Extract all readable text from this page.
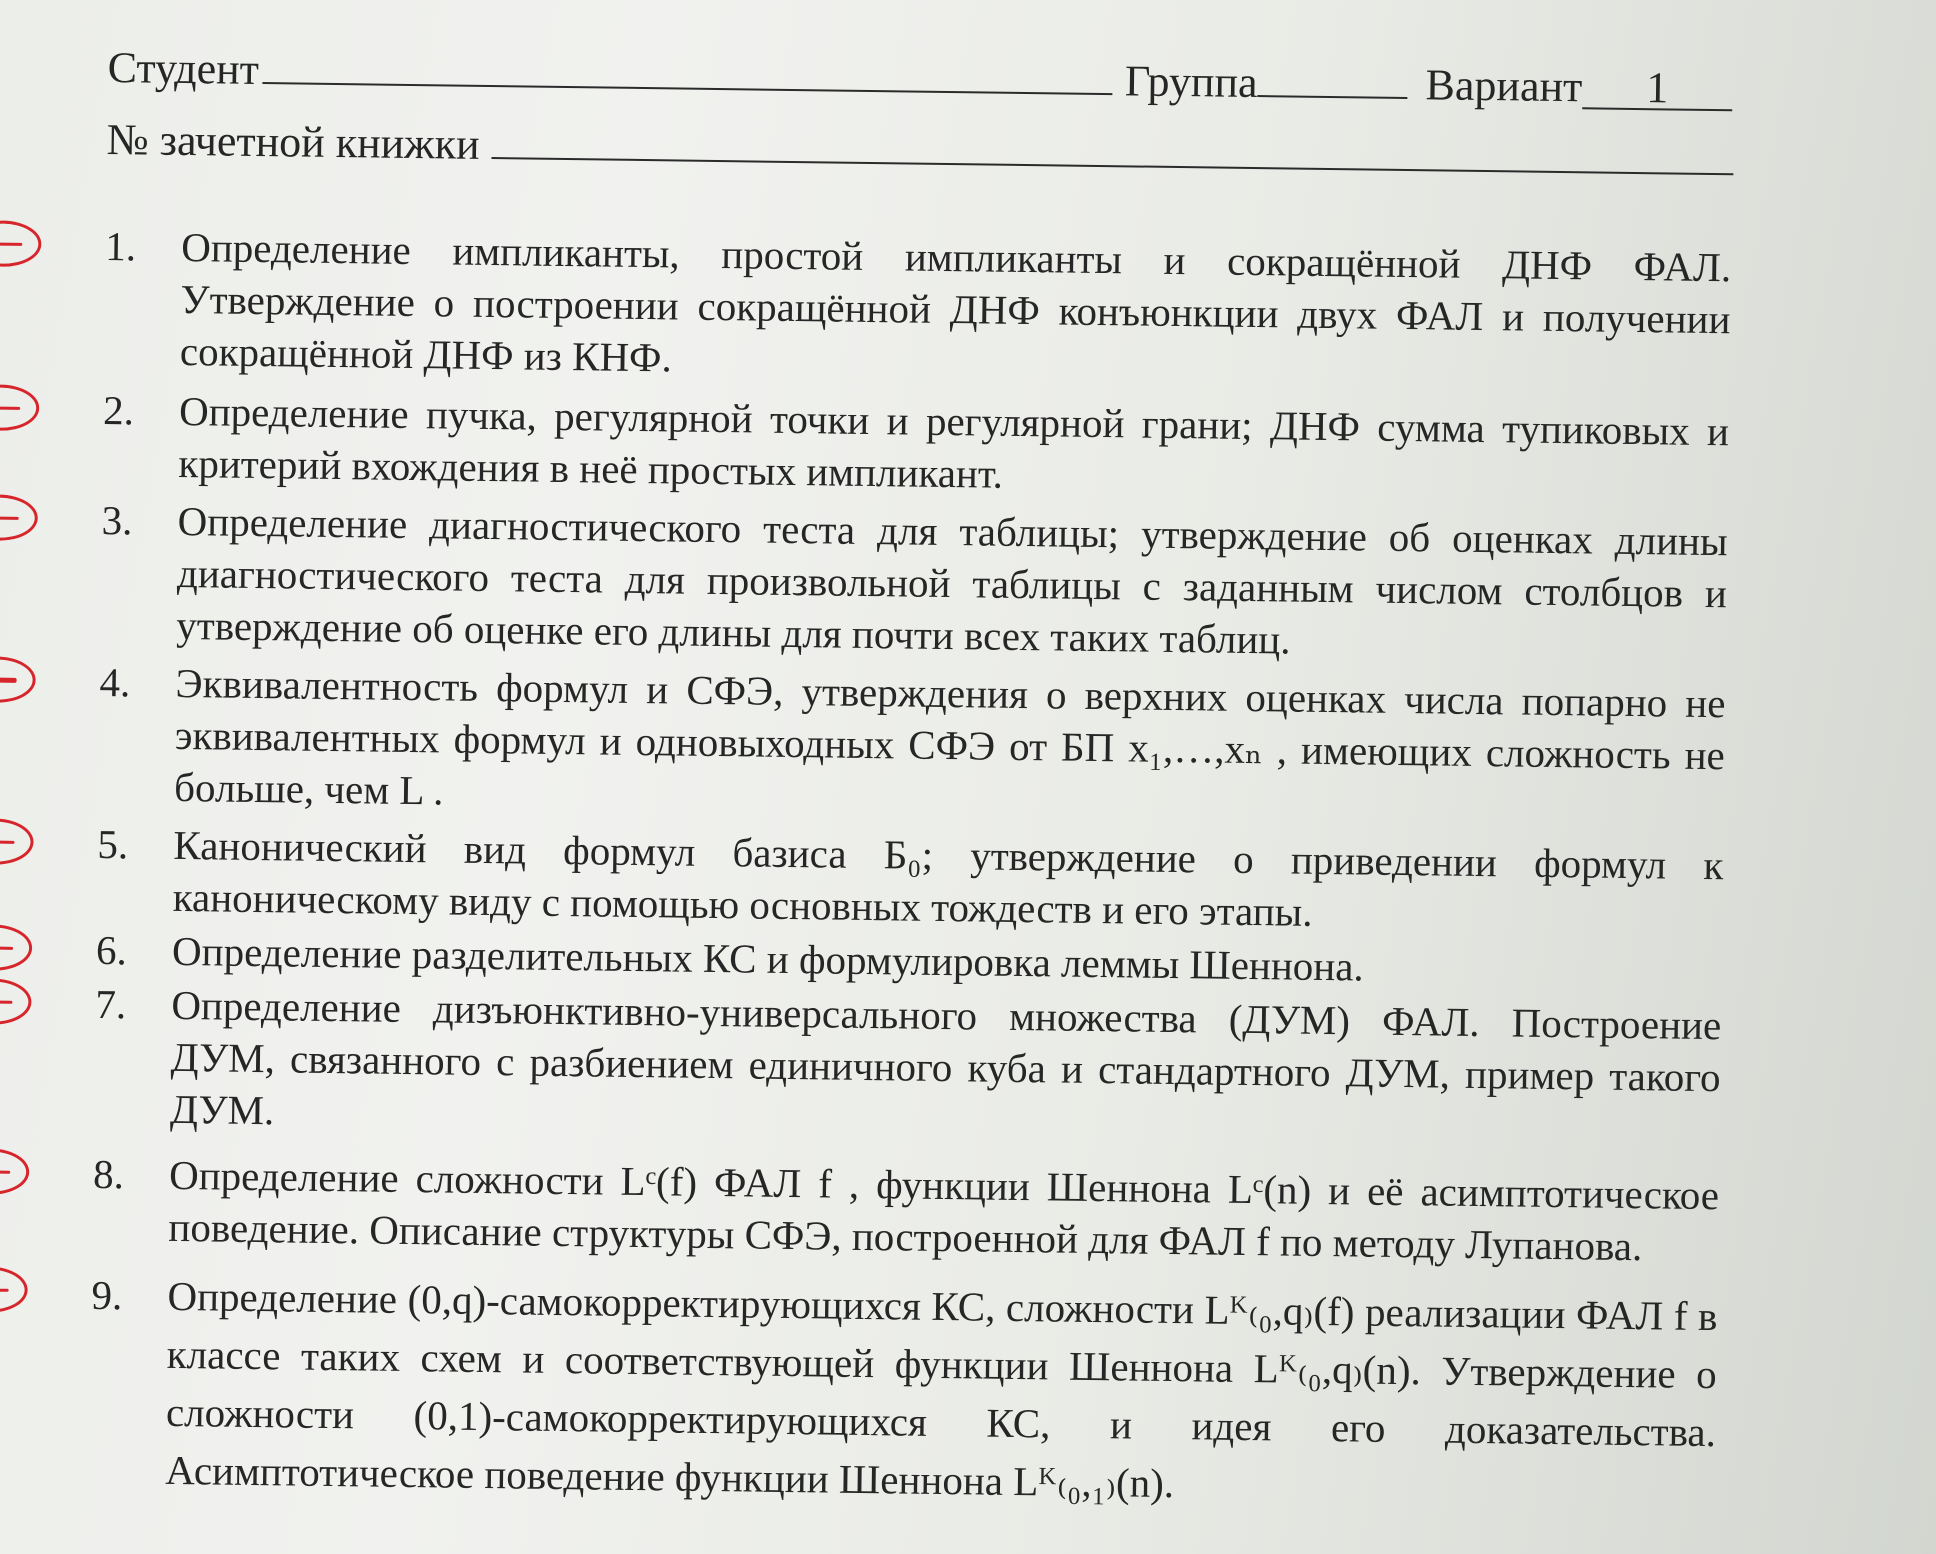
Студент	Группа	Вариант	1
№ зачетной книжки
1.	Определение импликанты, простой импликанты и сокращённой ДНФ ФАЛ. Утверждение о построении сокращённой ДНФ конъюнкции двух ФАЛ и получении сокращённой ДНФ из КНФ.
2.	Определение пучка, регулярной точки и регулярной грани; ДНФ сумма тупиковых и критерий вхождения в неё простых импликант.
3.	Определение диагностического теста для таблицы; утверждение об оценках длины диагностического теста для произвольной таблицы с заданным числом столбцов и утверждение об оценке его длины для почти всех таких таблиц.
4.	Эквивалентность формул и СФЭ, утверждения о верхних оценках числа попарно не эквивалентных формул и одновыходных СФЭ от БП x₁,…,xₙ , имеющих сложность не больше, чем L .
5.	Канонический вид формул базиса Б₀; утверждение о приведении формул к каноническому виду с помощью основных тождеств и его этапы.
6.	Определение разделительных КС и формулировка леммы Шеннона.
7.	Определение дизъюнктивно-универсального множества (ДУМ) ФАЛ. Построение ДУМ, связанного с разбиением единичного куба и стандартного ДУМ, пример такого ДУМ.
8.	Определение сложности Lᶜ(f) ФАЛ f , функции Шеннона Lᶜ(n) и её асимптотическое поведение. Описание структуры СФЭ, построенной для ФАЛ f по методу Лупанова.
9.	Определение (0,q)-самокорректирующихся КС, сложности Lᴷ₍₀,q₎(f) реализации ФАЛ f в классе таких схем и соответствующей функции Шеннона Lᴷ₍₀,q₎(n). Утверждение о сложности (0,1)-самокорректирующихся КС, и идея его доказательства. Асимптотическое поведение функции Шеннона Lᴷ₍₀,₁₎(n).
